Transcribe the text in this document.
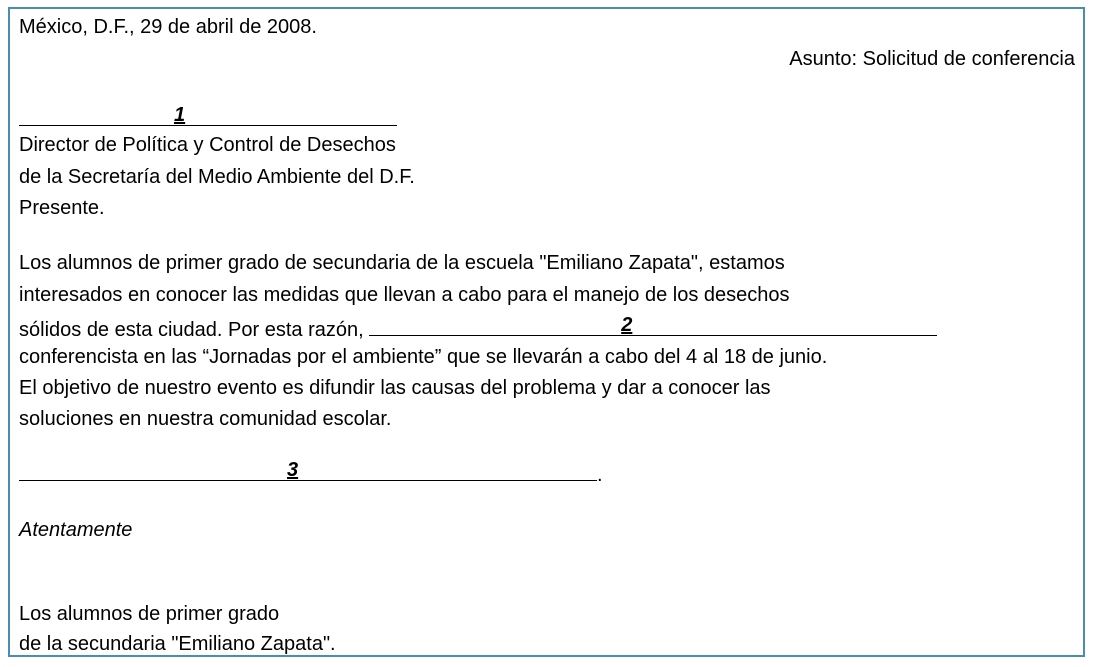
México, D.F., 29 de abril de 2008.
Asunto: Solicitud de conferencia
1
Director de Política y Control de Desechos
de la Secretaría del Medio Ambiente del D.F.
Presente.
Los alumnos de primer grado de secundaria de la escuela "Emiliano Zapata", estamos
interesados en conocer las medidas que llevan a cabo para el manejo de los desechos
sólidos de esta ciudad. Por esta razón,	2
conferencista en las “Jornadas por el ambiente” que se llevarán a cabo del 4 al 18 de junio.
El objetivo de nuestro evento es difundir las causas del problema y dar a conocer las
soluciones en nuestra comunidad escolar.
3	.
Atentamente
Los alumnos de primer grado
de la secundaria "Emiliano Zapata".
